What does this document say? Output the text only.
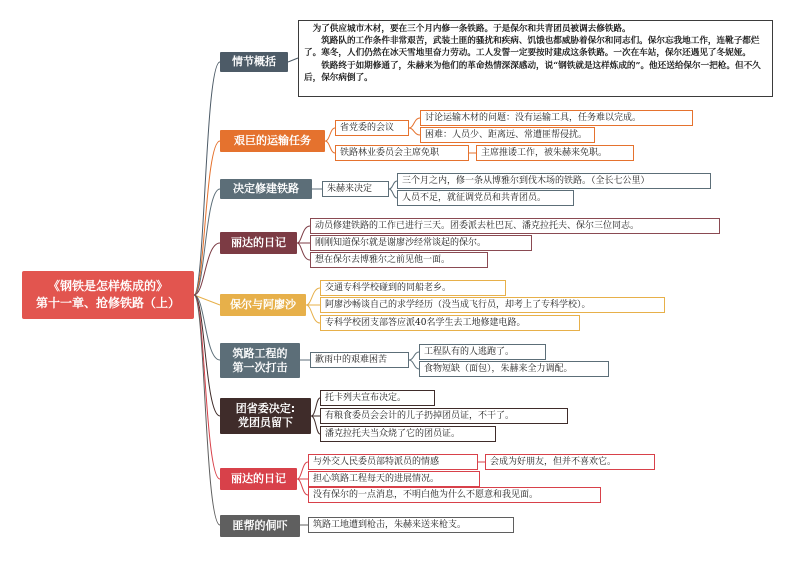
《钢铁是怎样炼成的》
第十一章、抢修铁路（上）
情节概括

为了供应城市木材，要在三个月内修一条铁路。于是保尔和共青团员被调去修铁路。

筑路队的工作条件非常艰苦，武装土匪的骚扰和疾病、饥饿也都威胁着保尔和同志们。保尔忘我地工作，连靴子都烂了。寒冬，人们仍然在冰天雪地里奋力劳动。工人发誓一定要按时建成这条铁路。一次在车站，保尔还遇见了冬妮娅。

铁路终于如期修通了，朱赫来为他们的革命热情深深感动，说“钢铁就是这样炼成的”。他还送给保尔一把枪。但不久后，保尔病倒了。

艰巨的运输任务
省党委的会议
讨论运输木材的问题：没有运输工具，任务难以完成。
困难：人员少、距离远、常遭匪帮侵扰。
铁路林业委员会主席免职	主席推诿工作，被朱赫来免职。
决定修建铁路	朱赫来决定
三个月之内，修一条从博雅尔到伐木场的铁路。（全长七公里）
人员不足，就征调党员和共青团员。
丽达的日记
动员修建铁路的工作已进行三天。团委派去杜巴瓦、潘克拉托夫、保尔三位同志。
刚刚知道保尔就是谢廖沙经常谈起的保尔。
想在保尔去博雅尔之前见他一面。
保尔与阿廖沙
交通专科学校碰到的同船老乡。
阿廖沙畅谈自己的求学经历（没当成飞行员，却考上了专科学校）。
专科学校团支部答应派40名学生去工地修建电路。
筑路工程的
第一次打击
歉雨中的艰难困苦
工程队有的人逃跑了。
食物短缺（面包），朱赫来全力调配。
团省委决定:
党团员留下
托卡列夫宣布决定。
有粮食委员会会计的儿子扔掉团员证，不干了。
潘克拉托夫当众烧了它的团员证。
丽达的日记
与外交人民委员部特派员的情感	会成为好朋友，但并不喜欢它。
担心筑路工程每天的进展情况。
没有保尔的一点消息，不明白他为什么不愿意和我见面。
匪帮的侗吓	筑路工地遭到枪击，朱赫来送来枪支。
